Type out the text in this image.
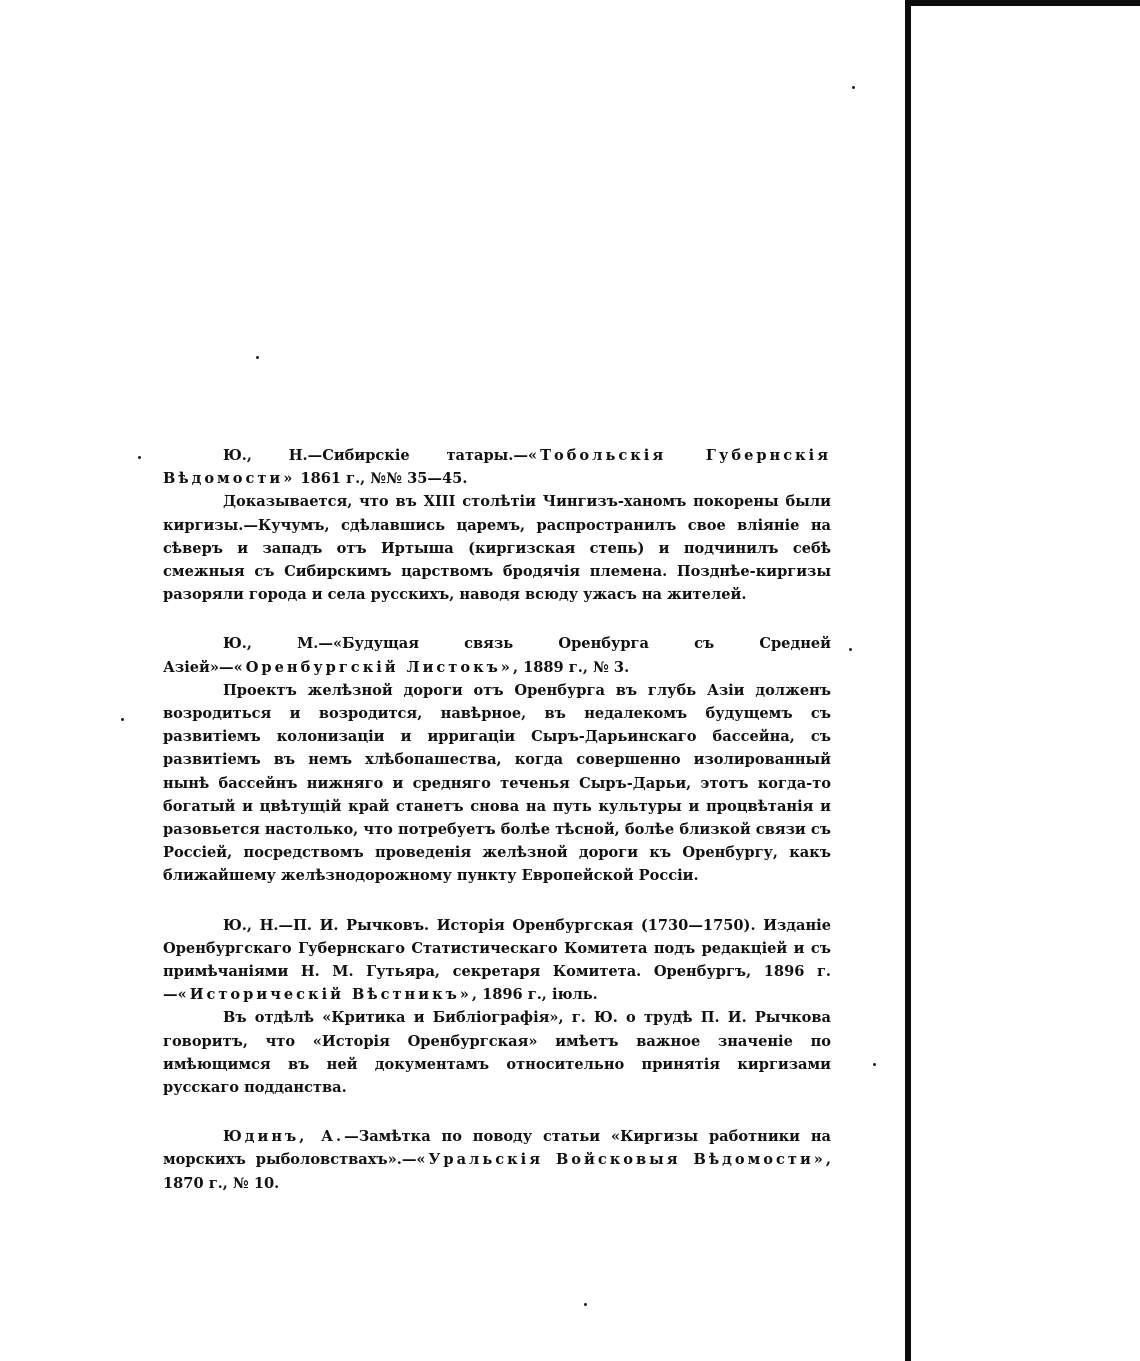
Ю., Н.—Сибирскіе татары.—«Тобольскія Губернскія Вѣдомости» 1861 г., №№ 35—45.

Доказывается, что въ XIII столѣтіи Чингизъ-ханомъ покорены были киргизы.—Кучумъ, сдѣлавшись царемъ, распространилъ свое вліяніе на сѣверъ и западъ отъ Иртыша (киргизская степь) и подчинилъ себѣ смежныя съ Сибирскимъ царствомъ бродячія племена. Позднѣе-киргизы разоряли города и села русскихъ, наводя всюду ужасъ на жителей.

Ю., М.—«Будущая связь Оренбурга съ Средней Азіей»—«Оренбургскій Листокъ», 1889 г., № 3.

Проектъ желѣзной дороги отъ Оренбурга въ глубь Азіи долженъ возродиться и возродится, навѣрное, въ недалекомъ будущемъ съ развитіемъ колонизаціи и ирригаціи Сыръ-Дарьинскаго бассейна, съ развитіемъ въ немъ хлѣбопашества, когда совершенно изолированный нынѣ бассейнъ нижняго и средняго теченья Сыръ-Дарьи, этотъ когда-то богатый и цвѣтущій край станетъ снова на путь культуры и процвѣтанія и разовьется настолько, что потребуетъ болѣе тѣсной, болѣе близкой связи съ Россіей, посредствомъ проведенія желѣзной дороги къ Оренбургу, какъ ближайшему желѣзнодорожному пункту Европейской Россіи.

Ю., Н.—П. И. Рычковъ. Исторія Оренбургская (1730—1750). Изданіе Оренбургскаго Губернскаго Статистическаго Комитета подъ редакціей и съ примѣчаніями Н. М. Гутьяра, секретаря Комитета. Оренбургъ, 1896 г.—«Историческій Вѣстникъ», 1896 г., іюль.

Въ отдѣлѣ «Критика и Библіографія», г. Ю. о трудѣ П. И. Рычкова говоритъ, что «Исторія Оренбургская» имѣетъ важное значеніе по имѣющимся въ ней документамъ относительно принятія киргизами русскаго подданства.

Юдинъ, А.—Замѣтка по поводу статьи «Киргизы работники на морскихъ рыболовствахъ».—«Уральскія Войсковыя Вѣдомости», 1870 г., № 10.
